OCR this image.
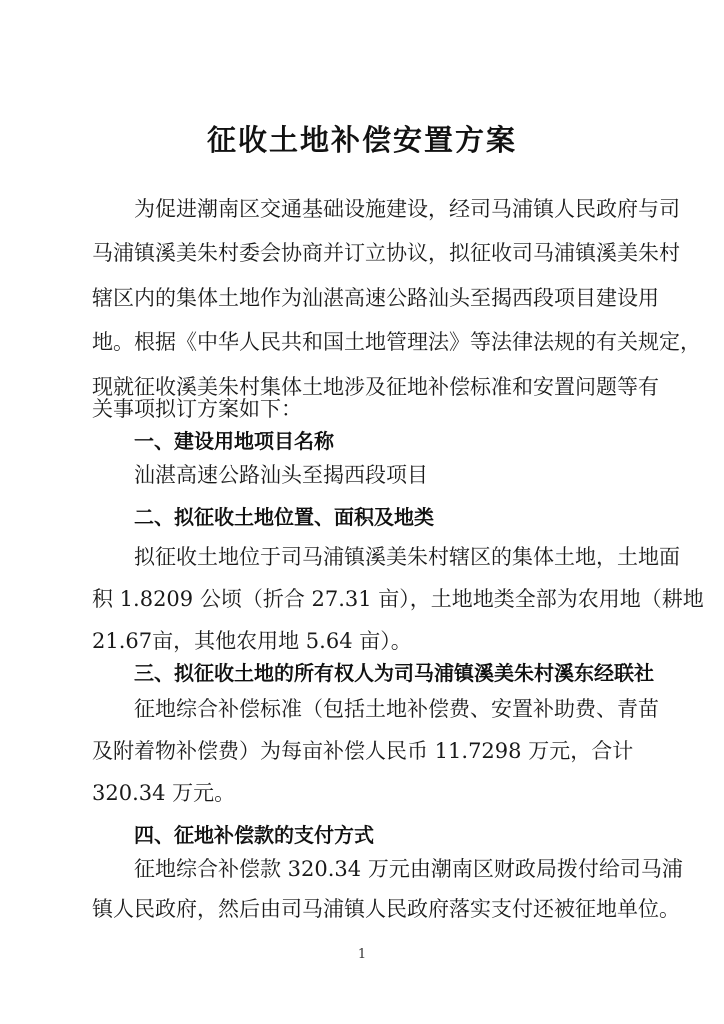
征收土地补偿安置方案
为促进潮南区交通基础设施建设，经司马浦镇人民政府与司
马浦镇溪美朱村委会协商并订立协议，拟征收司马浦镇溪美朱村
辖区内的集体土地作为汕湛高速公路汕头至揭西段项目建设用
地。根据《中华人民共和国土地管理法》等法律法规的有关规定，
现就征收溪美朱村集体土地涉及征地补偿标准和安置问题等有
关事项拟订方案如下：
一、建设用地项目名称
汕湛高速公路汕头至揭西段项目
二、拟征收土地位置、面积及地类
拟征收土地位于司马浦镇溪美朱村辖区的集体土地，土地面
积 1.8209 公顷（折合 27.31 亩），土地地类全部为农用地（耕地
21.67亩，其他农用地 5.64 亩）。
三、拟征收土地的所有权人为司马浦镇溪美朱村溪东经联社
征地综合补偿标准（包括土地补偿费、安置补助费、青苗
及附着物补偿费）为每亩补偿人民币 11.7298 万元，合计
320.34 万元。
1
四、征地补偿款的支付方式
征地综合补偿款 320.34 万元由潮南区财政局拨付给司马浦
镇人民政府，然后由司马浦镇人民政府落实支付还被征地单位。
